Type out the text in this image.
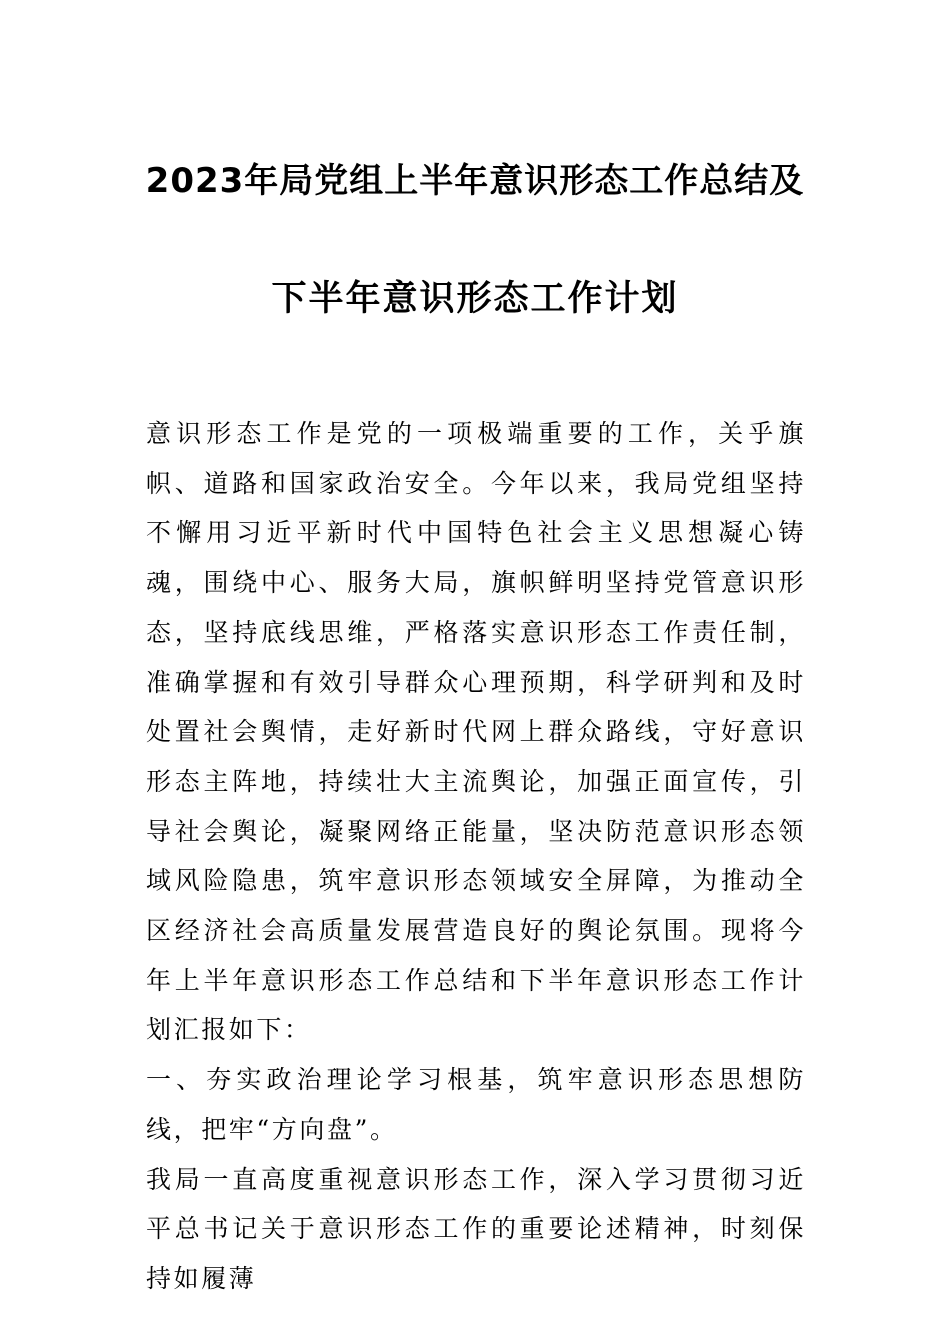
2023年局党组上半年意识形态工作总结及
下半年意识形态工作计划

意识形态工作是党的一项极端重要的工作，关乎旗帜、道路和国家政治安全。今年以来，我局党组坚持不懈用习近平新时代中国特色社会主义思想凝心铸魂，围绕中心、服务大局，旗帜鲜明坚持党管意识形态，坚持底线思维，严格落实意识形态工作责任制，准确掌握和有效引导群众心理预期，科学研判和及时处置社会舆情，走好新时代网上群众路线，守好意识形态主阵地，持续壮大主流舆论，加强正面宣传，引导社会舆论，凝聚网络正能量，坚决防范意识形态领域风险隐患，筑牢意识形态领域安全屏障，为推动全区经济社会高质量发展营造良好的舆论氛围。现将今年上半年意识形态工作总结和下半年意识形态工作计划汇报如下：

一、夯实政治理论学习根基，筑牢意识形态思想防线，把牢“方向盘”。

我局一直高度重视意识形态工作，深入学习贯彻习近平总书记关于意识形态工作的重要论述精神，时刻保持如履薄
